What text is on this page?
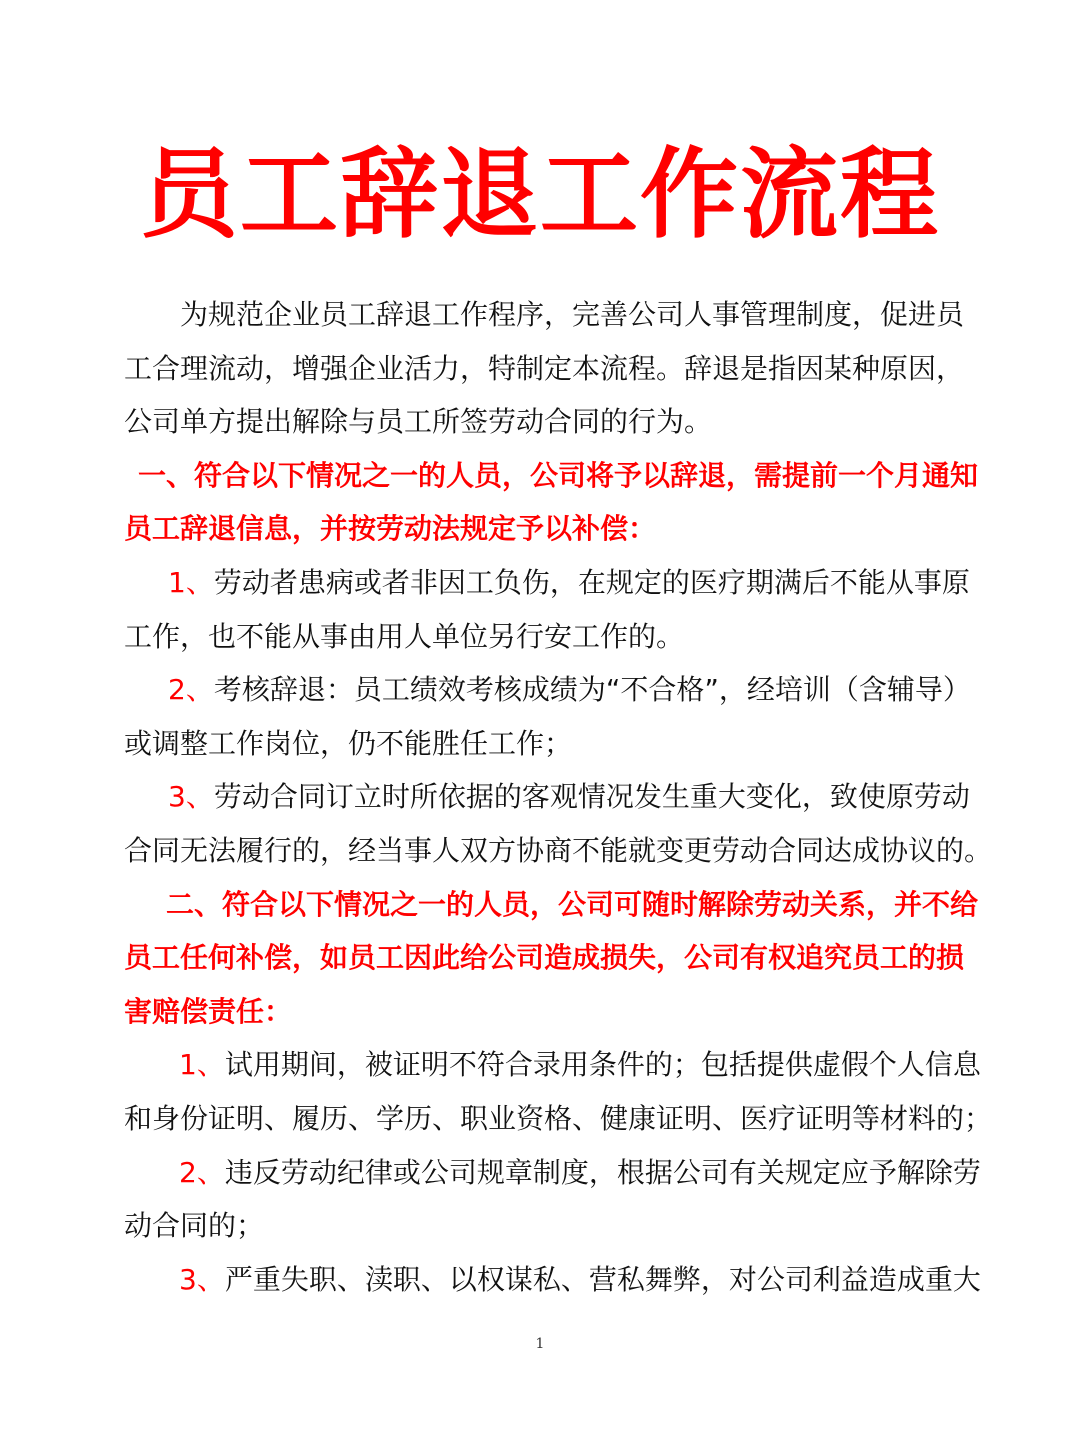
员工辞退工作流程

为规范企业员工辞退工作程序，完善公司人事管理制度，促进员

工合理流动，增强企业活力，特制定本流程。辞退是指因某种原因，

公司单方提出解除与员工所签劳动合同的行为。

一、符合以下情况之一的人员，公司将予以辞退，需提前一个月通知

员工辞退信息，并按劳动法规定予以补偿：

1、劳动者患病或者非因工负伤，在规定的医疗期满后不能从事原

工作，也不能从事由用人单位另行安工作的。

2、考核辞退：员工绩效考核成绩为“不合格”，经培训（含辅导）

或调整工作岗位，仍不能胜任工作；

3、劳动合同订立时所依据的客观情况发生重大变化，致使原劳动

合同无法履行的，经当事人双方协商不能就变更劳动合同达成协议的。

二、符合以下情况之一的人员，公司可随时解除劳动关系，并不给

员工任何补偿，如员工因此给公司造成损失，公司有权追究员工的损

害赔偿责任：

1、试用期间，被证明不符合录用条件的；包括提供虚假个人信息

和身份证明、履历、学历、职业资格、健康证明、医疗证明等材料的；

2、违反劳动纪律或公司规章制度，根据公司有关规定应予解除劳

动合同的；

3、严重失职、渎职、以权谋私、营私舞弊，对公司利益造成重大

1
